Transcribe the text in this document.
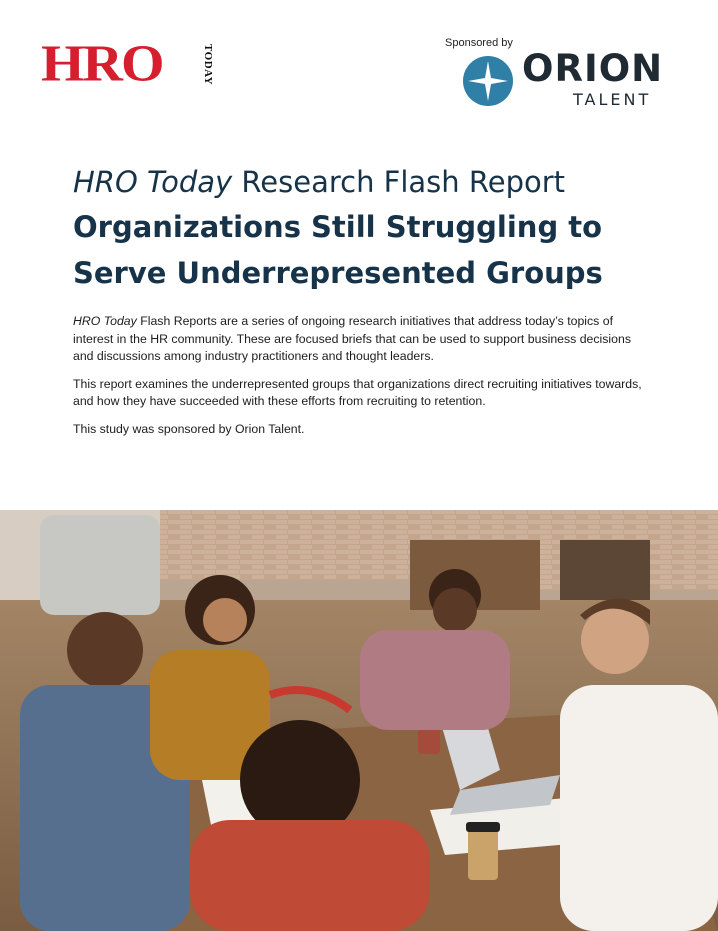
HRO	TODAY
Sponsored by
ORION
TALENT
HRO Today Research Flash Report
Organizations Still Struggling to
Serve Underrepresented Groups

HRO Today Flash Reports are a series of ongoing research initiatives that address today’s topics of interest in the HR community. These are focused briefs that can be used to support business decisions and discussions among industry practitioners and thought leaders.

This report examines the underrepresented groups that organizations direct recruiting initiatives towards, and how they have succeeded with these efforts from recruiting to retention.

This study was sponsored by Orion Talent.
